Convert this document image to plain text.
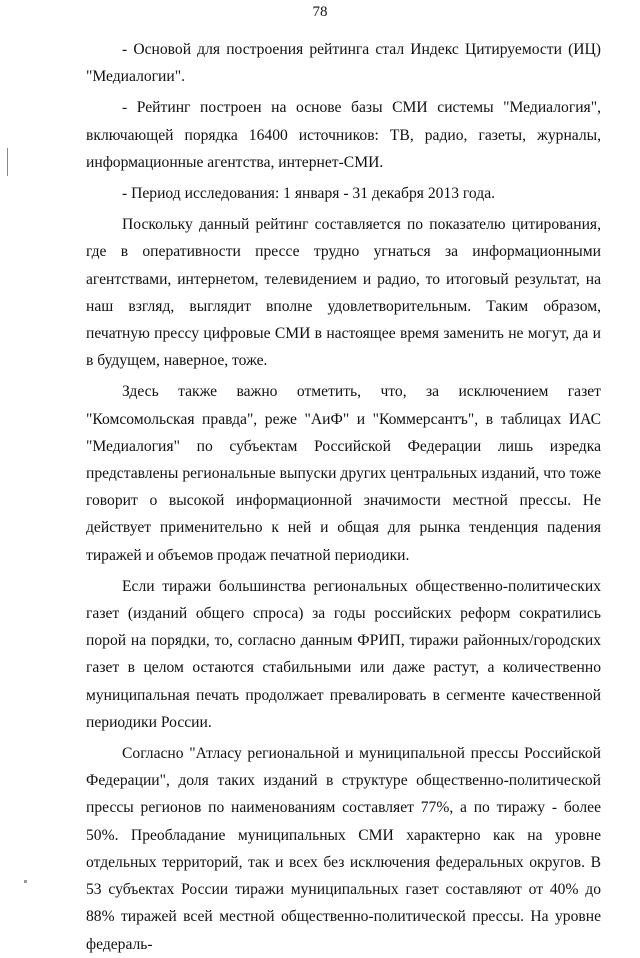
78

- Основой для построения рейтинга стал Индекс Цитируемости (ИЦ) "Медиалогии".

- Рейтинг построен на основе базы СМИ системы "Медиалогия", включающей порядка 16400 источников: ТВ, радио, газеты, журналы, информационные агентства, интернет-СМИ.

- Период исследования: 1 января - 31 декабря 2013 года.

Поскольку данный рейтинг составляется по показателю цитирования, где в оперативности прессе трудно угнаться за информационными агентствами, интернетом, телевидением и радио, то итоговый результат, на наш взгляд, выглядит вполне удовлетворительным. Таким образом, печатную прессу цифровые СМИ в настоящее время заменить не могут, да и в будущем, наверное, тоже.

Здесь также важно отметить, что, за исключением газет "Комсомольская правда", реже "АиФ" и "Коммерсантъ", в таблицах ИАС "Медиалогия" по субъектам Российской Федерации лишь изредка представлены региональные выпуски других центральных изданий, что тоже говорит о высокой информационной значимости местной прессы. Не действует применительно к ней и общая для рынка тенденция падения тиражей и объемов продаж печатной периодики.

Если тиражи большинства региональных общественно-политических газет (изданий общего спроса) за годы российских реформ сократились порой на порядки, то, согласно данным ФРИП, тиражи районных/городских газет в целом остаются стабильными или даже растут, а количественно муниципальная печать продолжает превалировать в сегменте качественной периодики России.

Согласно "Атласу региональной и муниципальной прессы Российской Федерации", доля таких изданий в структуре общественно-политической прессы регионов по наименованиям составляет 77%, а по тиражу - более 50%. Преобладание муниципальных СМИ характерно как на уровне отдельных территорий, так и всех без исключения федеральных округов. В 53 субъектах России тиражи муниципальных газет составляют от 40% до 88% тиражей всей местной общественно-политической прессы. На уровне федераль-
